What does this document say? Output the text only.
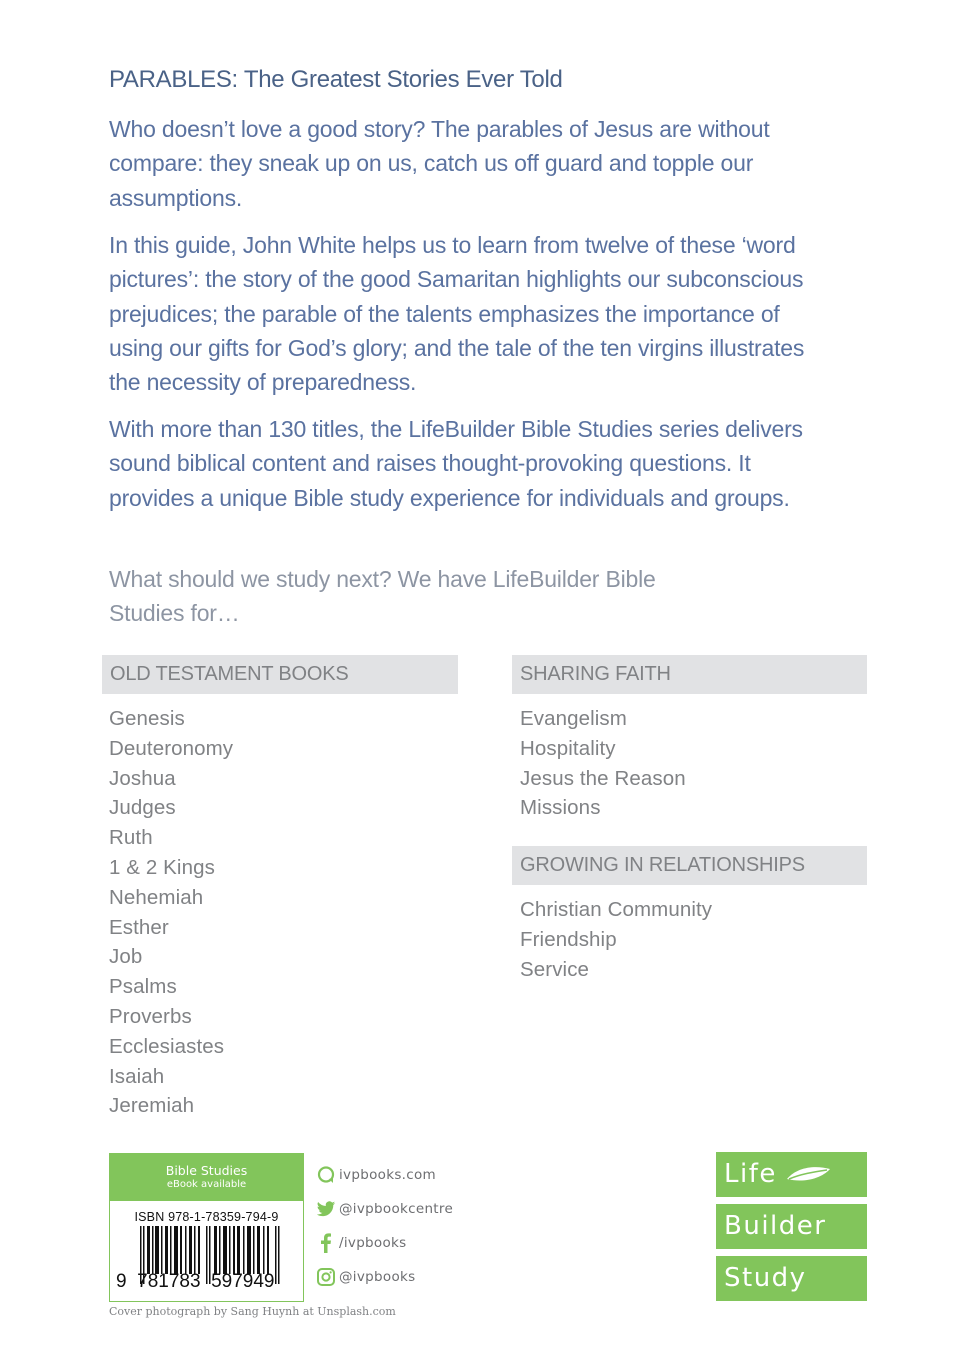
PARABLES: The Greatest Stories Ever Told

Who doesn’t love a good story? The parables of Jesus are without compare: they sneak up on us, catch us off guard and topple our assumptions.

In this guide, John White helps us to learn from twelve of these ‘word pictures’: the story of the good Samaritan highlights our subconscious prejudices; the parable of the talents emphasizes the importance of using our gifts for God’s glory; and the tale of the ten virgins illustrates the necessity of preparedness.

With more than 130 titles, the LifeBuilder Bible Studies series delivers sound biblical content and raises thought-provoking questions. It provides a unique Bible study experience for individuals and groups.

What should we study next? We have LifeBuilder Bible Studies for…

OLD TESTAMENT BOOKS
Genesis
Deuteronomy
Joshua
Judges
Ruth
1 & 2 Kings
Nehemiah
Esther
Job
Psalms
Proverbs
Ecclesiastes
Isaiah
Jeremiah
SHARING FAITH
Evangelism
Hospitality
Jesus the Reason
Missions
GROWING IN RELATIONSHIPS
Christian Community
Friendship
Service
Bible Studies
eBook available
ISBN 978-1-78359-794-9
9  781783  597949
ivpbooks.com
@ivpbookcentre
/ivpbooks
@ivpbooks
Cover photograph by Sang Huynh at Unsplash.com
Life
Builder
Study
